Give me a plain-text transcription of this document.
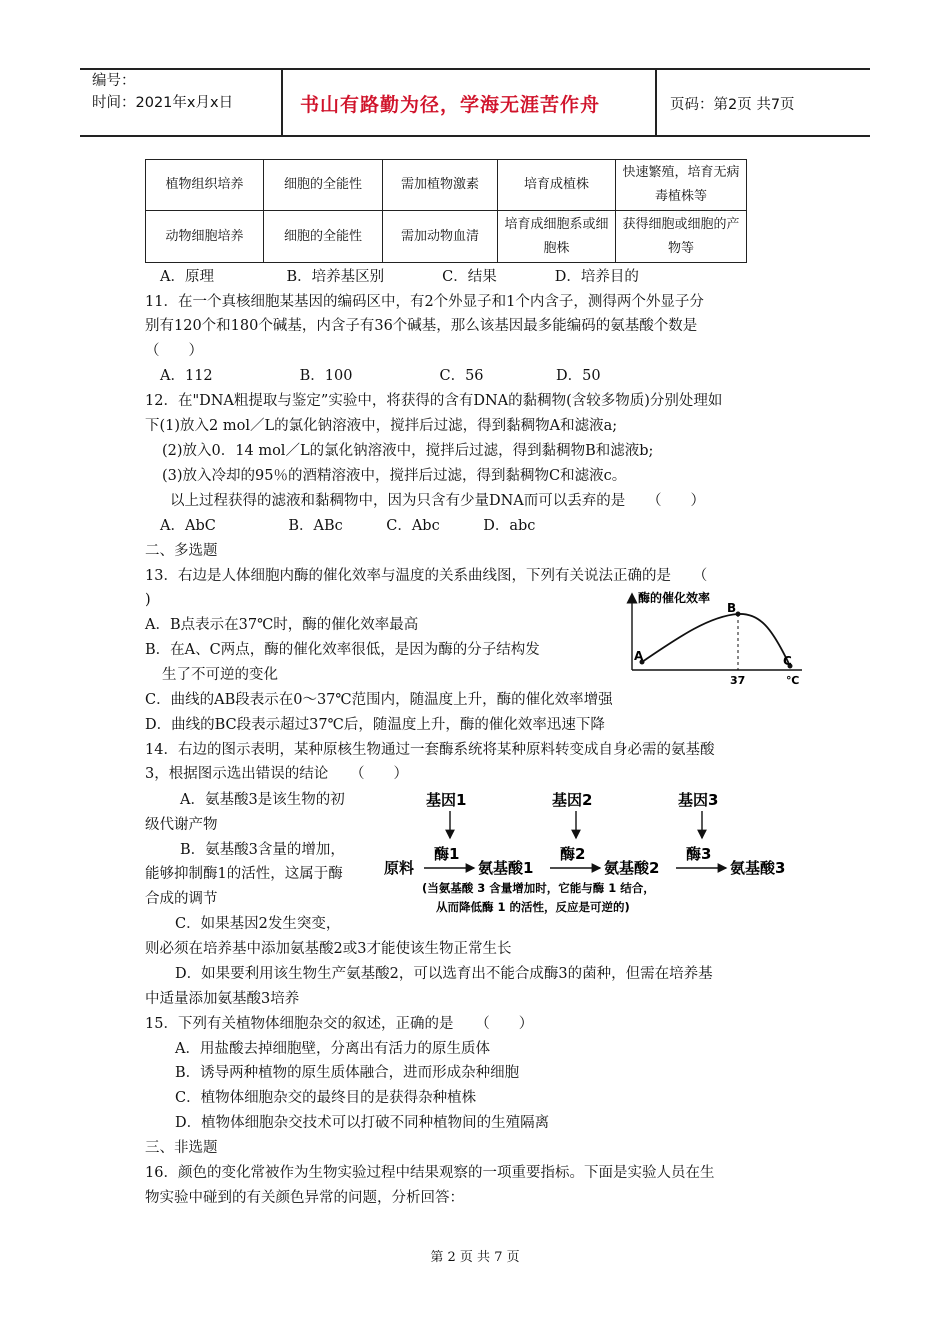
编号：
时间：2021年x月x日	书山有路勤为径，学海无涯苦作舟	页码：第2页 共7页
植物组织培养	细胞的全能性	需加植物激素	培育成植株	快速繁殖，培育无病毒植株等
动物细胞培养	细胞的全能性	需加动物血清	培育成细胞系或细胞株	获得细胞或细胞的产物等
A．原理　　　　　B．培养基区别　　　　C．结果　　　　D．培养目的
11．在一个真核细胞某基因的编码区中，有2个外显子和1个内含子，测得两个外显子分
别有120个和180个碱基，内含子有36个碱基，那么该基因最多能编码的氨基酸个数是
（　　）
A．112　　　　　　B．100　　　　　　C．56　　　　　D．50
12．在"DNA粗提取与鉴定”实验中，将获得的含有DNA的黏稠物(含较多物质)分别处理如
下(1)放入2 mol／L的氯化钠溶液中，搅拌后过滤，得到黏稠物A和滤液a;
(2)放入0．14 mol／L的氯化钠溶液中，搅拌后过滤，得到黏稠物B和滤液b;
(3)放入冷却的95％的酒精溶液中，搅拌后过滤，得到黏稠物C和滤液c。
以上过程获得的滤液和黏稠物中，因为只含有少量DNA而可以丢弃的是　　（　　）
A．AbC　　　　　B．ABc　　　C．Abc　　　D．abc
二、多选题
13．右边是人体细胞内酶的催化效率与温度的关系曲线图，下列有关说法正确的是　　（
)
A．B点表示在37℃时，酶的催化效率最高
B．在A、C两点，酶的催化效率很低，是因为酶的分子结构发
生了不可逆的变化
C．曲线的AB段表示在0～37℃范围内，随温度上升，酶的催化效率增强
D．曲线的BC段表示超过37℃后，随温度上升，酶的催化效率迅速下降
14．右边的图示表明，某种原核生物通过一套酶系统将某种原料转变成自身必需的氨基酸
3，根据图示选出错误的结论　　（　　）
A．氨基酸3是该生物的初
级代谢产物
B．氨基酸3含量的增加，
能够抑制酶1的活性，这属于酶
合成的调节
C．如果基因2发生突变，
则必须在培养基中添加氨基酸2或3才能使该生物正常生长
D．如果要利用该生物生产氨基酸2，可以选育出不能合成酶3的菌种，但需在培养基
中适量添加氨基酸3培养
15．下列有关植物体细胞杂交的叙述，正确的是　　（　　）
A．用盐酸去掉细胞壁，分离出有活力的原生质体
B．诱导两种植物的原生质体融合，进而形成杂种细胞
C．植物体细胞杂交的最终目的是获得杂种植株
D．植物体细胞杂交技术可以打破不同种植物间的生殖隔离
三、非选题
16．颜色的变化常被作为生物实验过程中结果观察的一项重要指标。下面是实验人员在生
物实验中碰到的有关颜色异常的问题，分析回答：
酶的催化效率
A
B
C
37	℃
基因1	基因2	基因3
酶1	酶2	酶3
原料	氨基酸1	氨基酸2	氨基酸3
(当氨基酸 3 含量增加时，它能与酶 1 结合，
从而降低酶 1 的活性，反应是可逆的)
第 2 页 共 7 页
